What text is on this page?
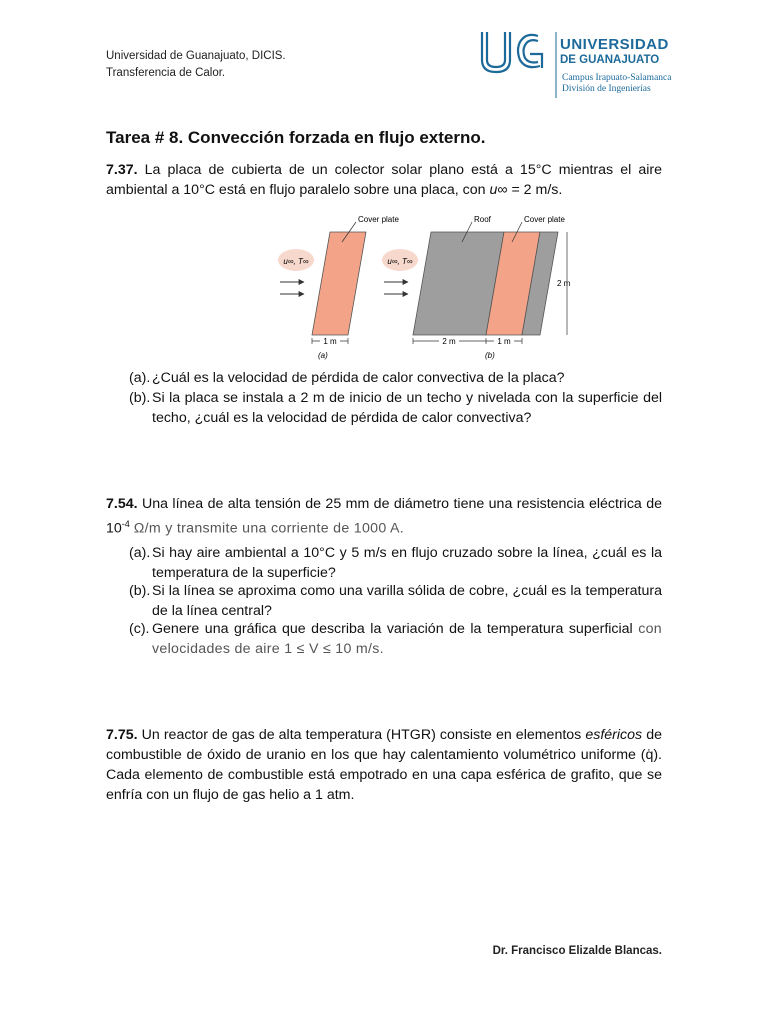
Universidad de Guanajuato, DICIS.
Transferencia de Calor.
UNIVERSIDAD
DE GUANAJUATO
Campus Irapuato-Salamanca
División de Ingenierías
Tarea # 8. Convección forzada en flujo externo.
7.37. La placa de cubierta de un colector solar plano está a 15°C mientras el aire ambiental a 10°C está en flujo paralelo sobre una placa, con u∞ = 2 m/s.
u∞, T∞
Cover plate
1 m
(a)
u∞, T∞
Roof	Cover plate
2 m
2 m	1 m
(b)
(a). ¿Cuál es la velocidad de pérdida de calor convectiva de la placa?
(b). Si la placa se instala a 2 m de inicio de un techo y nivelada con la superficie del techo, ¿cuál es la velocidad de pérdida de calor convectiva?
7.54. Una línea de alta tensión de 25 mm de diámetro tiene una resistencia eléctrica de $10^{-4}$ Ω/m y transmite una corriente de 1000 A.
(a). Si hay aire ambiental a 10°C y 5 m/s en flujo cruzado sobre la línea, ¿cuál es la temperatura de la superficie?
(b). Si la línea se aproxima como una varilla sólida de cobre, ¿cuál es la temperatura de la línea central?
(c). Genere una gráfica que describa la variación de la temperatura superficial con velocidades de aire 1 ≤ V ≤ 10 m/s.
7.75. Un reactor de gas de alta temperatura (HTGR) consiste en elementos esféricos de combustible de óxido de uranio en los que hay calentamiento volumétrico uniforme (q̇). Cada elemento de combustible está empotrado en una capa esférica de grafito, que se enfría con un flujo de gas helio a 1 atm.
Dr. Francisco Elizalde Blancas.
